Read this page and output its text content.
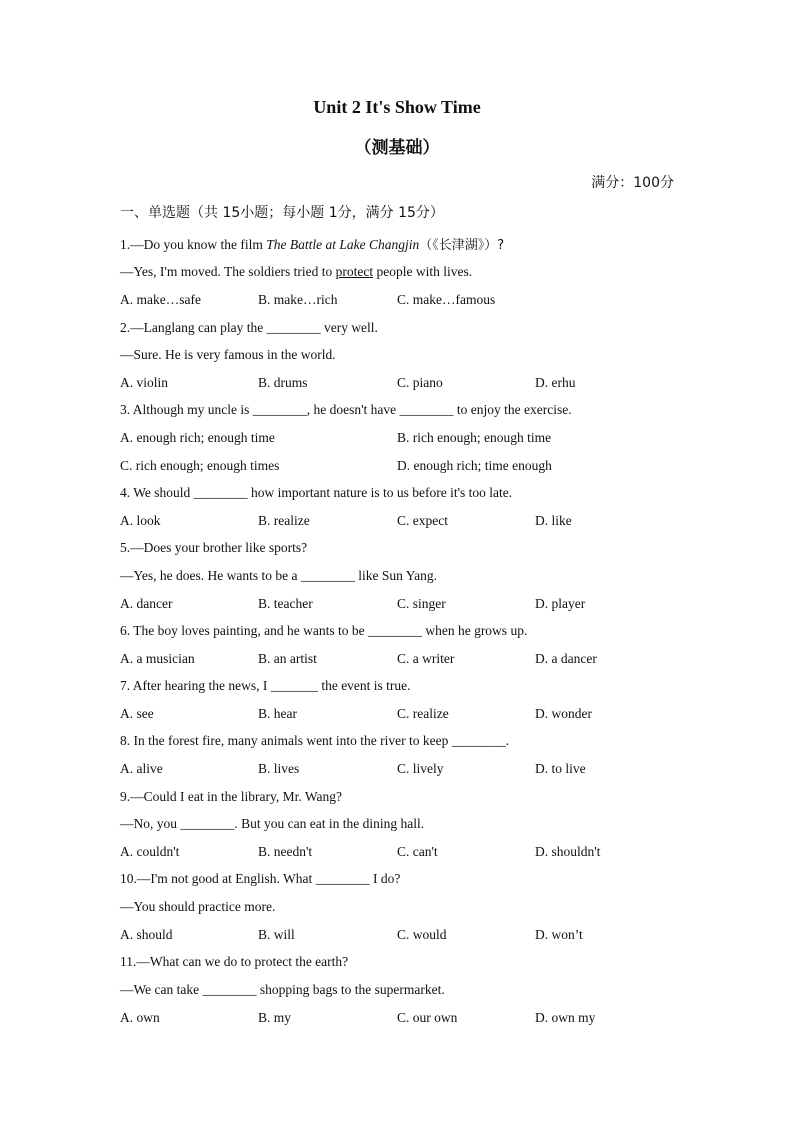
Unit 2 It's Show Time
（测基础）
满分：100分
一、单选题（共 15小题；每小题 1分，满分 15分）
1.—Do you know the film The Battle at Lake Changjin（《长津湖》）?
—Yes, I'm moved. The soldiers tried to protect people with lives.
A. make…safe	B. make…rich	C. make…famous
2.—Langlang can play the ________ very well.
—Sure. He is very famous in the world.
A. violin	B. drums	C. piano	D. erhu
3. Although my uncle is ________, he doesn't have ________ to enjoy the exercise.
A. enough rich; enough time	B. rich enough; enough time
C. rich enough; enough times	D. enough rich; time enough
4. We should ________ how important nature is to us before it's too late.
A. look	B. realize	C. expect	D. like
5.—Does your brother like sports?
—Yes, he does. He wants to be a ________ like Sun Yang.
A. dancer	B. teacher	C. singer	D. player
6. The boy loves painting, and he wants to be ________ when he grows up.
A. a musician	B. an artist	C. a writer	D. a dancer
7. After hearing the news, I _______ the event is true.
A. see	B. hear	C. realize	D. wonder
8. In the forest fire, many animals went into the river to keep ________.
A. alive	B. lives	C. lively	D. to live
9.—Could I eat in the library, Mr. Wang?
—No, you ________. But you can eat in the dining hall.
A. couldn't	B. needn't	C. can't	D. shouldn't
10.—I'm not good at English. What ________ I do?
—You should practice more.
A. should	B. will	C. would	D. won’t
11.—What can we do to protect the earth?
—We can take ________ shopping bags to the supermarket.
A. own	B. my	C. our own	D. own my
